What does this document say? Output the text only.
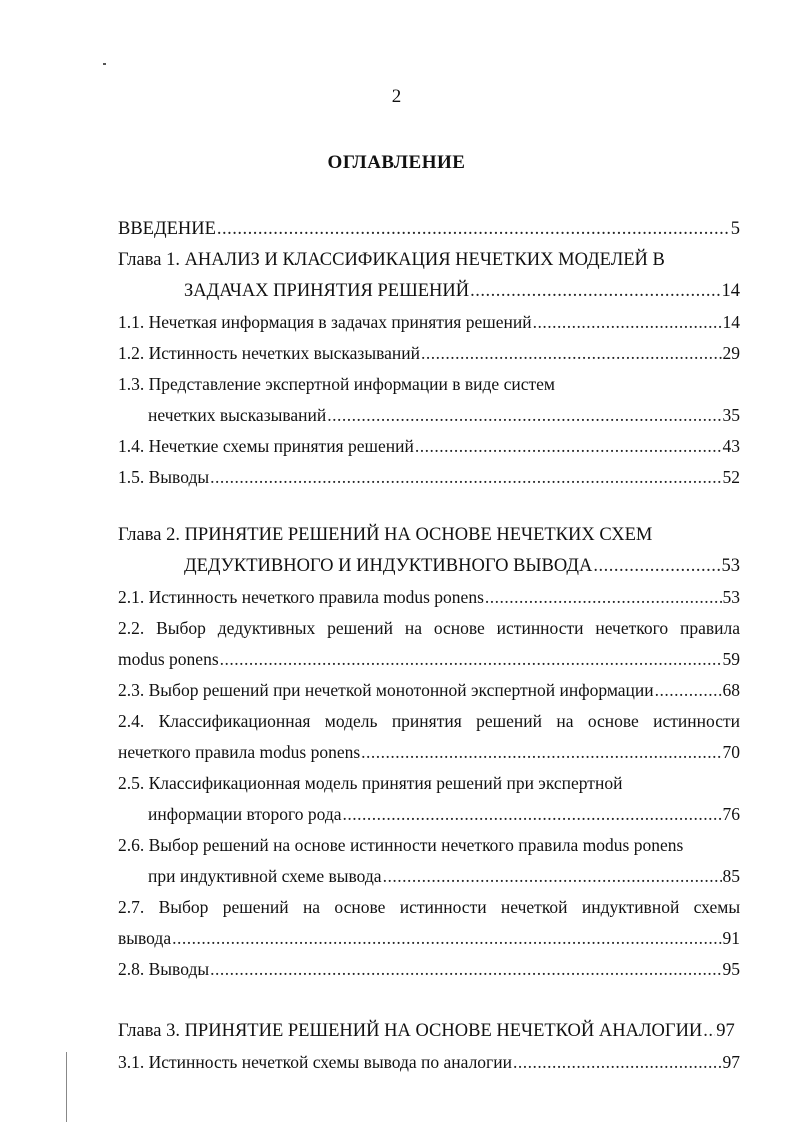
2
ОГЛАВЛЕНИЕ
ВВЕДЕНИЕ .....	5
Глава 1. АНАЛИЗ И КЛАССИФИКАЦИЯ НЕЧЕТКИХ МОДЕЛЕЙ В
ЗАДАЧАХ ПРИНЯТИЯ РЕШЕНИЙ .....	14
1.1. Нечеткая информация в задачах принятия решений .....	14
1.2. Истинность нечетких высказываний .....	29
1.3. Представление экспертной информации в виде систем
нечетких высказываний .....	35
1.4. Нечеткие схемы принятия решений .....	43
1.5. Выводы .....	52
Глава 2. ПРИНЯТИЕ РЕШЕНИЙ НА ОСНОВЕ НЕЧЕТКИХ СХЕМ
ДЕДУКТИВНОГО И ИНДУКТИВНОГО ВЫВОДА .....	53
2.1. Истинность нечеткого правила modus ponens .....	53
2.2. Выбор дедуктивных решений на основе истинности нечеткого правила
modus ponens .....	59
2.3. Выбор решений при нечеткой монотонной экспертной информации .....	68
2.4. Классификационная модель принятия решений на основе истинности
нечеткого правила modus ponens .....	70
2.5. Классификационная модель принятия решений при экспертной
информации второго рода .....	76
2.6. Выбор решений на основе истинности нечеткого правила modus ponens
при индуктивной схеме вывода .....	85
2.7. Выбор решений на основе истинности нечеткой индуктивной схемы
вывода .....	91
2.8. Выводы .....	95
Глава 3. ПРИНЯТИЕ РЕШЕНИЙ НА ОСНОВЕ НЕЧЕТКОЙ АНАЛОГИИ ..... 97
3.1. Истинность нечеткой схемы вывода по аналогии .....	97
